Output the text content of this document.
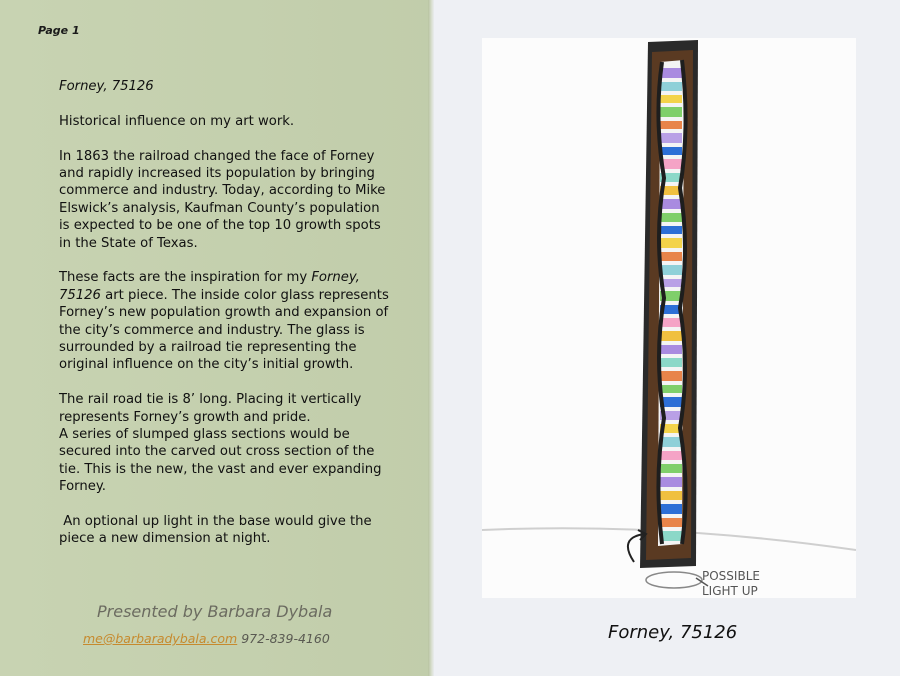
Page 1

Forney, 75126

Historical influence on my art work.

In 1863 the railroad changed the face of Forney and rapidly increased its population by bringing commerce and industry. Today, according to Mike Elswick’s analysis, Kaufman County’s population is expected to be one of the top 10 growth spots in the State of Texas.

These facts are the inspiration for my Forney, 75126 art piece. The inside color glass represents Forney’s new population growth and expansion of the city’s commerce and industry. The glass is surrounded by a railroad tie representing the original influence on the city’s initial growth.

The rail road tie is 8’ long. Placing it vertically represents Forney’s growth and pride.

A series of slumped glass sections would be secured into the carved out cross section of the tie. This is the new, the vast and ever expanding Forney.

An optional up light in the base would give the piece a new dimension at night.

Presented by Barbara Dybala
me@barbaradybala.com 972-839-4160
POSSIBLE
LIGHT UP
Forney, 75126
